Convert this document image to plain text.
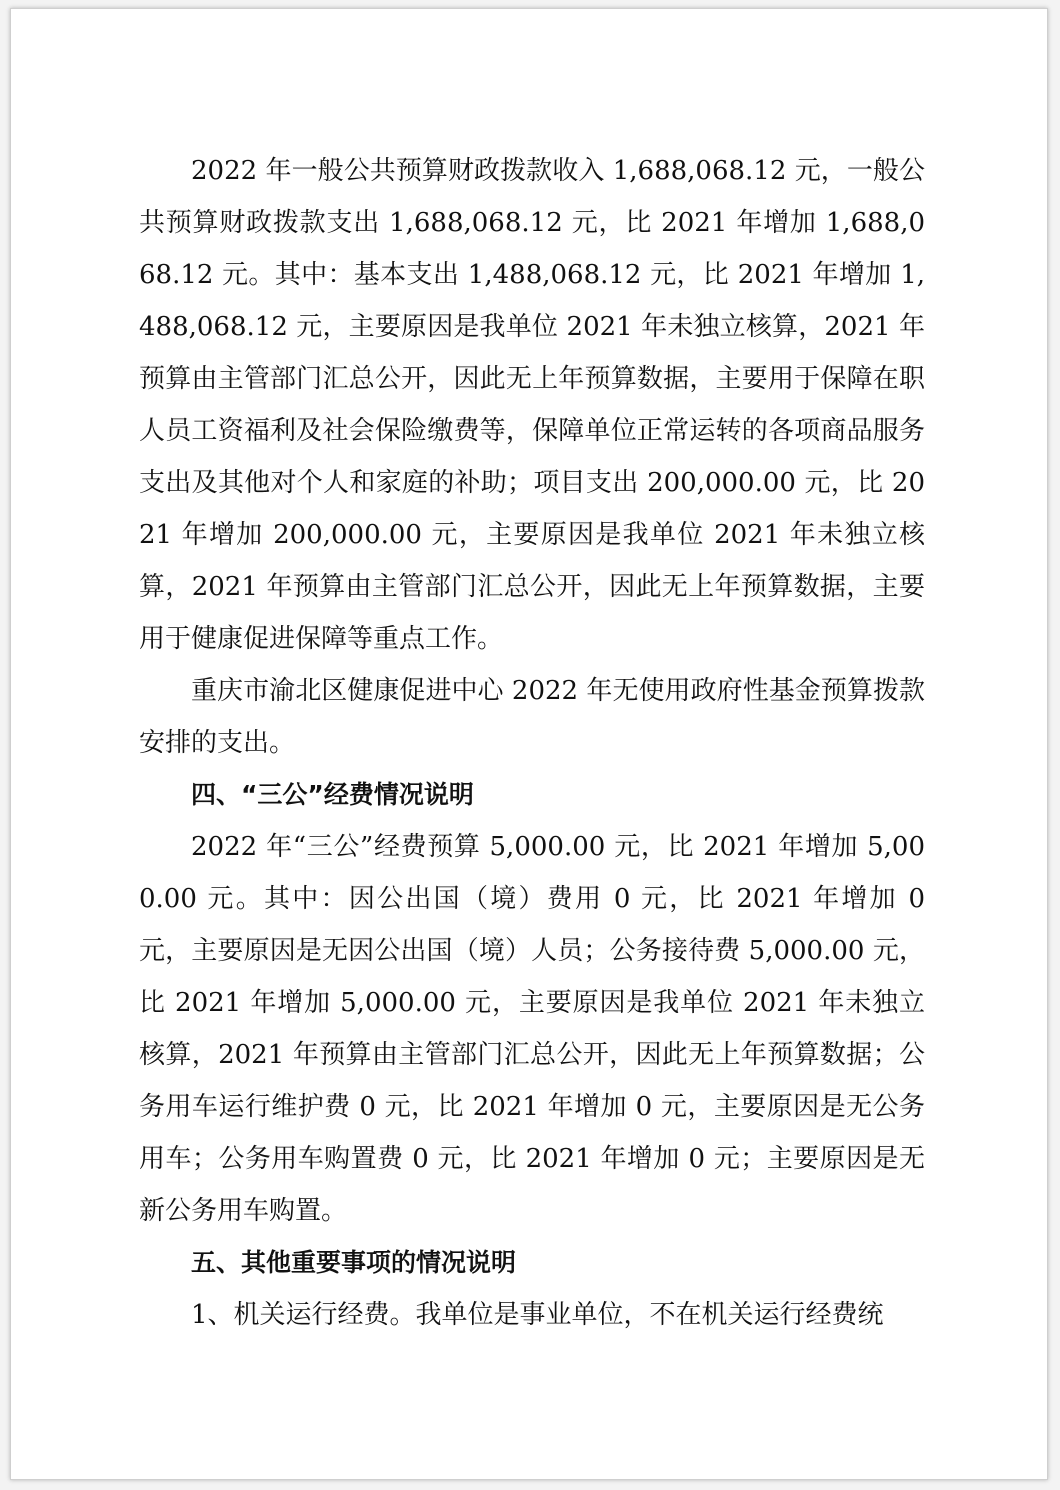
2022 年一般公共预算财政拨款收入 1,688,068.12 元，一般公共预算财政拨款支出 1,688,068.12 元，比 2021 年增加 1,688,068.12 元。其中：基本支出 1,488,068.12 元，比 2021 年增加 1,488,068.12 元，主要原因是我单位 2021 年未独立核算，2021 年预算由主管部门汇总公开，因此无上年预算数据，主要用于保障在职人员工资福利及社会保险缴费等，保障单位正常运转的各项商品服务支出及其他对个人和家庭的补助；项目支出 200,000.00 元，比 2021 年增加 200,000.00 元，主要原因是我单位 2021 年未独立核算，2021 年预算由主管部门汇总公开，因此无上年预算数据，主要用于健康促进保障等重点工作。

重庆市渝北区健康促进中心 2022 年无使用政府性基金预算拨款安排的支出。

四、“三公”经费情况说明

2022 年“三公”经费预算 5,000.00 元，比 2021 年增加 5,000.00 元。其中：因公出国（境）费用 0 元，比 2021 年增加 0 元，主要原因是无因公出国（境）人员；公务接待费 5,000.00 元，比 2021 年增加 5,000.00 元，主要原因是我单位 2021 年未独立核算，2021 年预算由主管部门汇总公开，因此无上年预算数据；公务用车运行维护费 0 元，比 2021 年增加 0 元，主要原因是无公务用车；公务用车购置费 0 元，比 2021 年增加 0 元；主要原因是无新公务用车购置。

五、其他重要事项的情况说明

1、机关运行经费。我单位是事业单位，不在机关运行经费统
